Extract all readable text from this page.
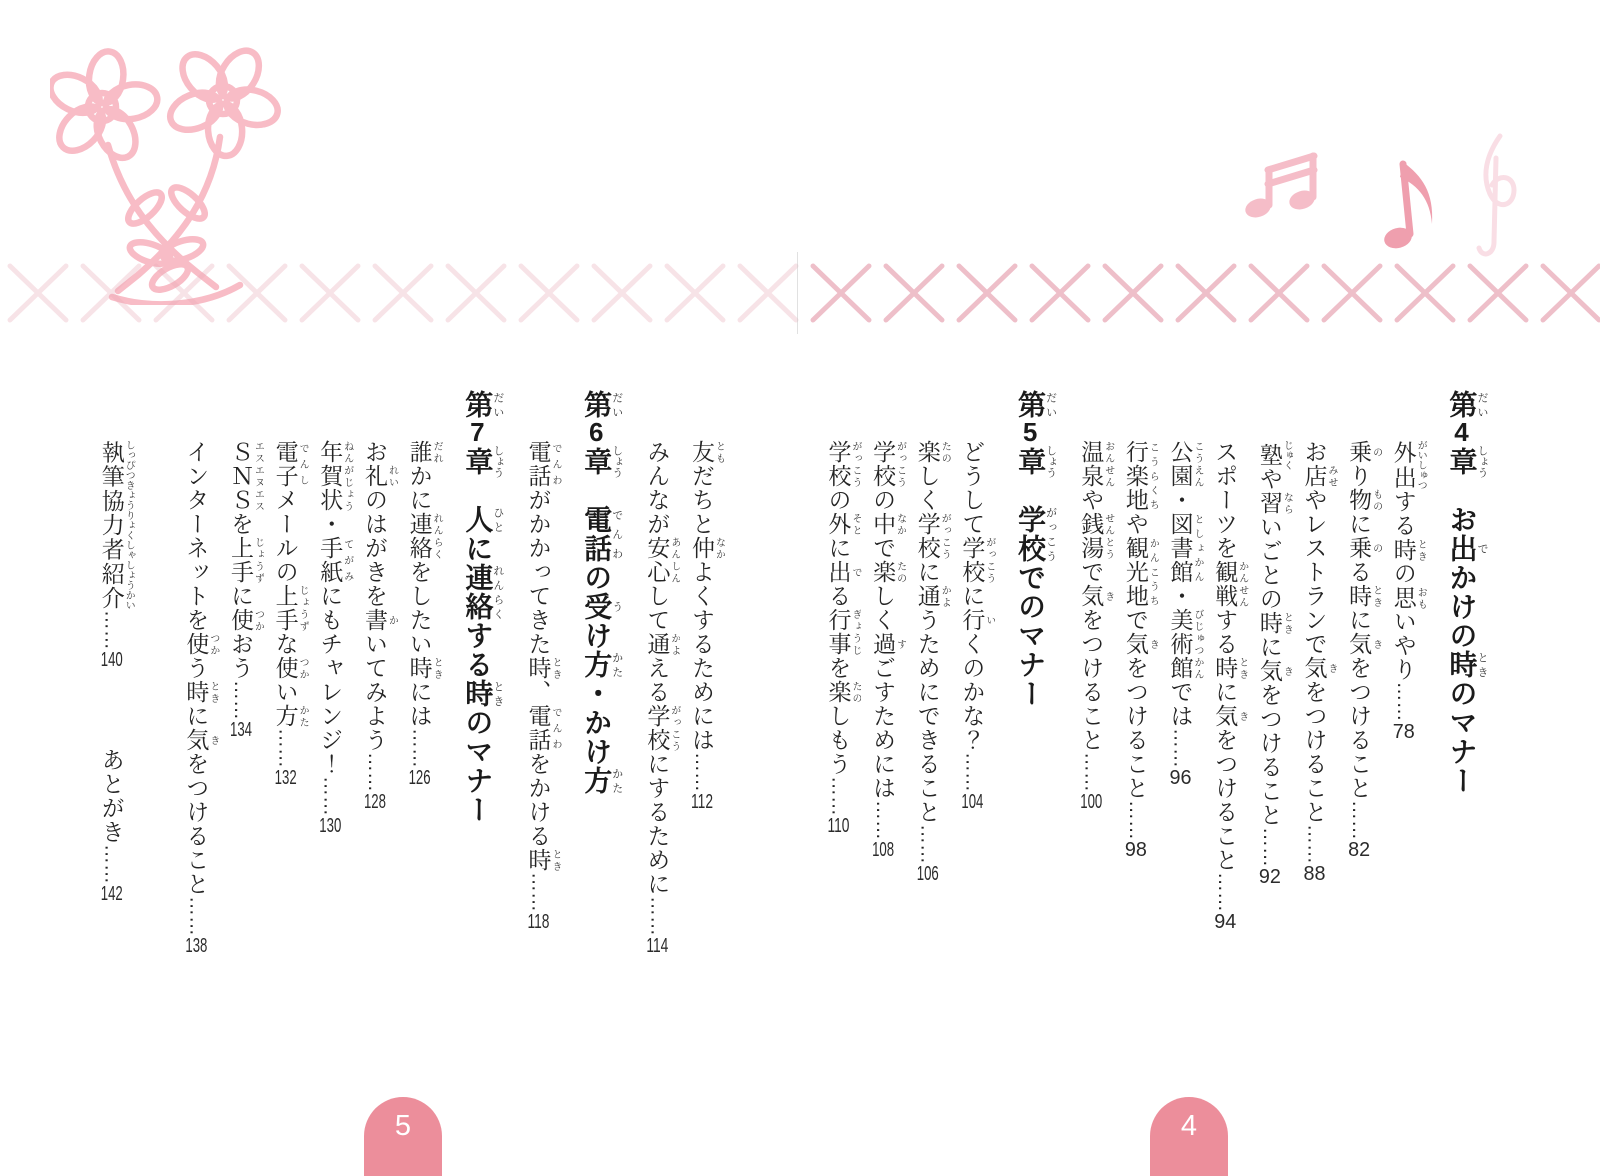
第だい4章しょう　お出でかけの時ときのマナー
外出がいしゅつする時ときの思おもいやり……78
乗のり物ものに乗のる時ときに気きをつけること……82
お店みせやレストランで気きをつけること……88
塾じゅくや習ならいごとの時ときに気きをつけること……92
スポーツを観戦かんせんする時ときに気きをつけること……94
公園こうえん・図書館としょかん・美術館びじゅつかんでは……96
行楽地こうらくちや観光地かんこうちで気きをつけること……98
温泉おんせんや銭湯せんとうで気きをつけること……100
第だい5章しょう　学校がっこうでのマナー
どうして学校がっこうに行いくのかな？……104
楽たのしく学校がっこうに通かようためにできること……106
学校がっこうの中なかで楽たのしく過すごすためには……108
学校がっこうの外そとに出でる行事ぎょうじを楽たのしもう……110
友ともだちと仲なかよくするためには……112
みんなが安心あんしんして通かよえる学校がっこうにするために……114
第だい6章しょう　電話でんわの受うけ方かた・かけ方かた
電話でんわがかかってきた時とき、電話でんわをかける時とき……118
第だい7章しょう　人ひとに連絡れんらくする時ときのマナー
誰だれかに連絡れんらくをしたい時ときには……126
お礼れいのはがきを書かいてみよう……128
年賀状ねんがじょう・手紙てがみにもチャレンジ！……130
電子でんしメールの上手じょうずな使つかい方かた……132
ＳＮＳエスエヌエスを上手じょうずに使つかおう……134
インターネットを使つかう時ときに気きをつけること……138
執筆協力者紹介しっぴつきょうりょくしゃしょうかい……140あとがき……142
5	4
